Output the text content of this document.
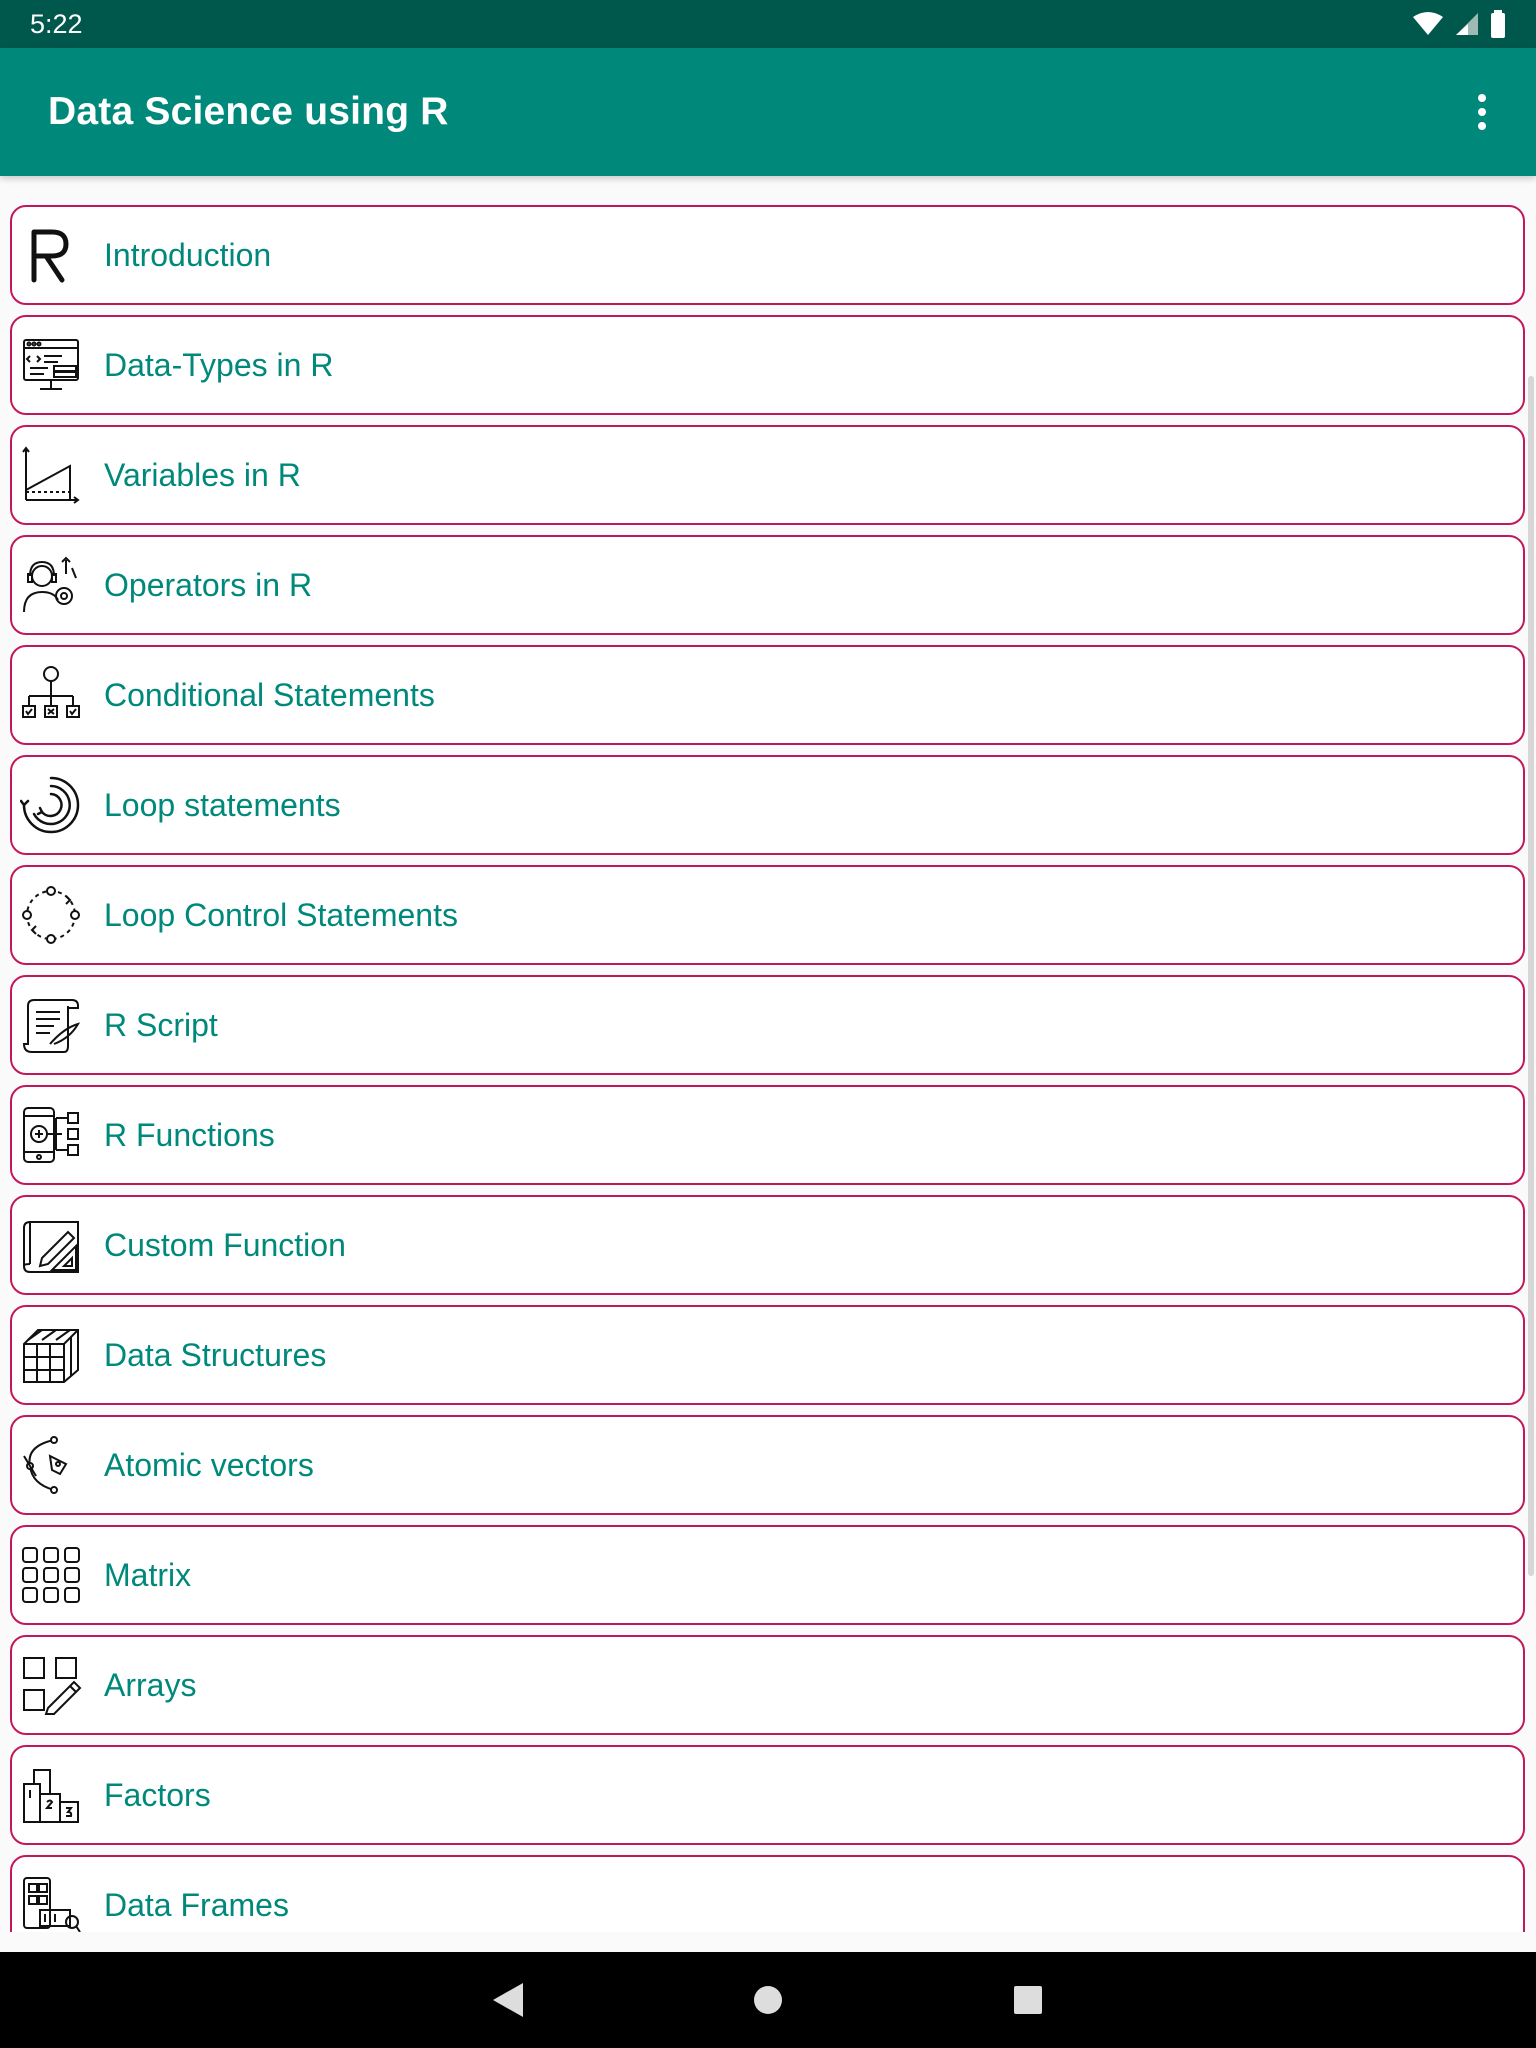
5:22
Data Science using R
Introduction
Data-Types in R
Variables in R
Operators in R
Conditional Statements
Loop statements
Loop Control Statements
R Script
R Functions
Custom Function
Data Structures
Atomic vectors
Matrix
Arrays
Factors
Data Frames
